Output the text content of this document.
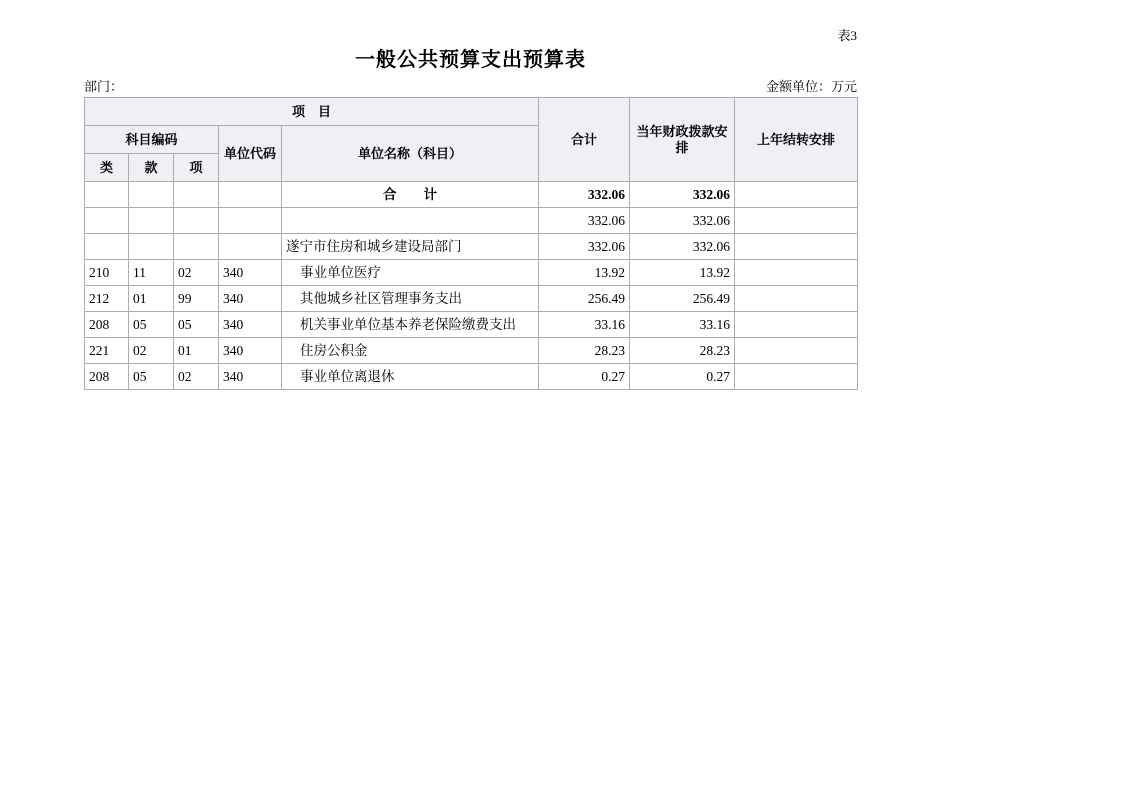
表3
一般公共预算支出预算表
部门：	金额单位：万元
项　目					合计	当年财政拨款安排	上年结转安排
科目编码			单位代码	单位名称（科目）			
类	款	项					
				合　　计	332.06	332.06	
					332.06	332.06	
				遂宁市住房和城乡建设局部门	332.06	332.06	
210	11	02	340	事业单位医疗	13.92	13.92	
212	01	99	340	其他城乡社区管理事务支出	256.49	256.49	
208	05	05	340	机关事业单位基本养老保险缴费支出	33.16	33.16	
221	02	01	340	住房公积金	28.23	28.23	
208	05	02	340	事业单位离退休	0.27	0.27	
